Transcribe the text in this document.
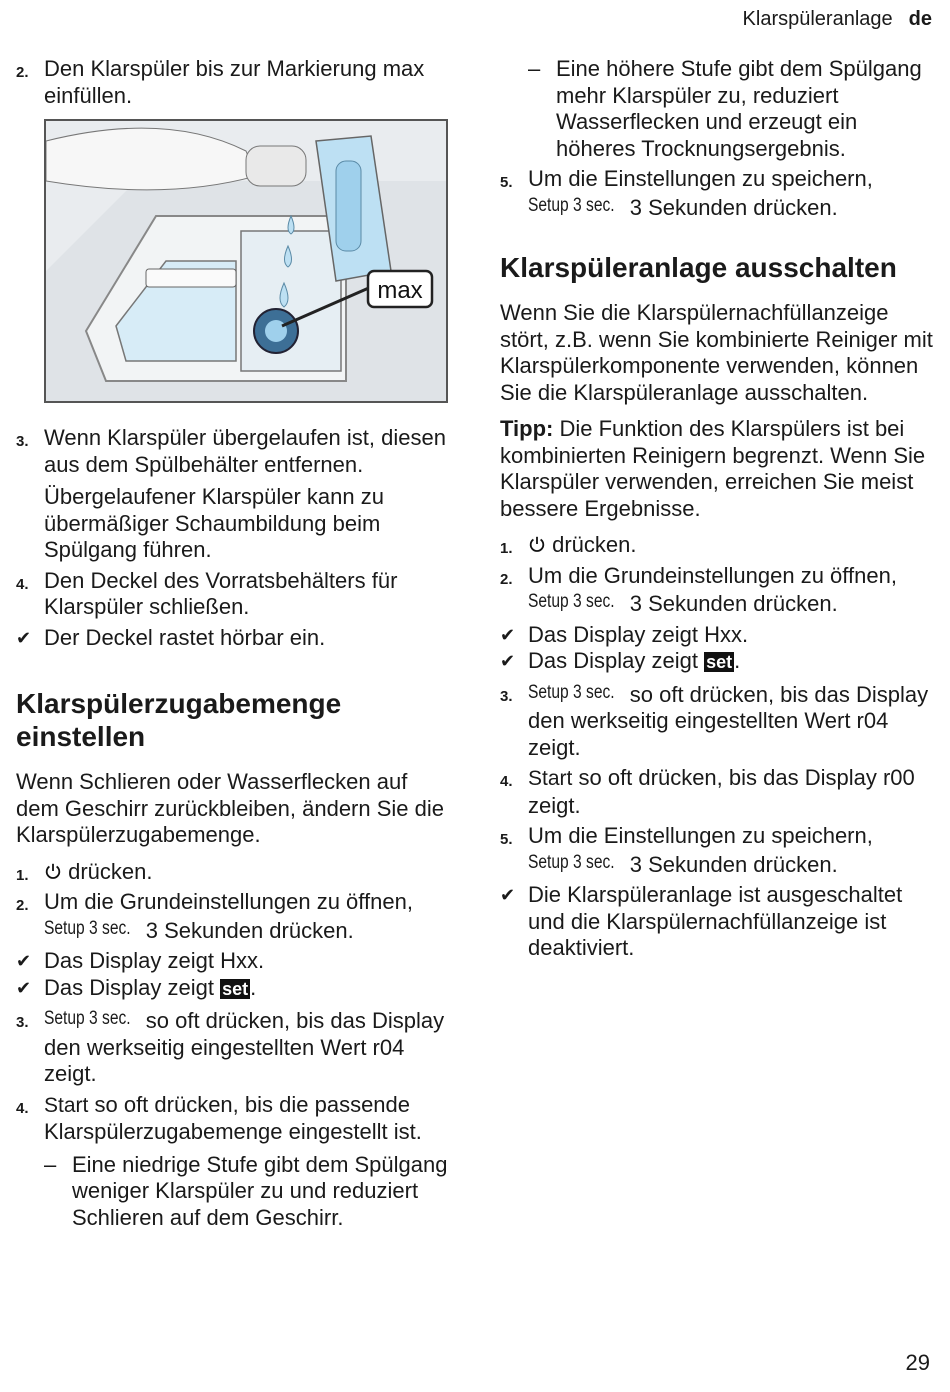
Klarspüleranlage de
2. Den Klarspüler bis zur Markierung max einfüllen.
max
3. Wenn Klarspüler übergelaufen ist, diesen aus dem Spülbehälter entfernen.

Übergelaufener Klarspüler kann zu übermäßiger Schaumbildung beim Spülgang führen.

4. Den Deckel des Vorratsbehälters für Klarspüler schließen.
✔ Der Deckel rastet hörbar ein.
Klarspülerzugabemenge einstellen

Wenn Schlieren oder Wasserflecken auf dem Geschirr zurückbleiben, ändern Sie die Klarspülerzugabemenge.

1. drücken.
2. Um die Grundeinstellungen zu öffnen, Setup 3 sec. 3 Sekunden drücken.
✔ Das Display zeigt Hxx.
✔ Das Display zeigt set.
3. Setup 3 sec. so oft drücken, bis das Display den werkseitig eingestellten Wert r04 zeigt.
4. Start so oft drücken, bis die passende Klarspülerzugabemenge eingestellt ist.
– Eine niedrige Stufe gibt dem Spülgang weniger Klarspüler zu und reduziert Schlieren auf dem Geschirr.
– Eine höhere Stufe gibt dem Spülgang mehr Klarspüler zu, reduziert Wasserflecken und erzeugt ein höheres Trocknungsergebnis.
5. Um die Einstellungen zu speichern, Setup 3 sec. 3 Sekunden drücken.
Klarspüleranlage ausschalten

Wenn Sie die Klarspülernachfüllanzeige stört, z.B. wenn Sie kombinierte Reiniger mit Klarspülerkomponente verwenden, können Sie die Klarspüleranlage ausschalten.

Tipp: Die Funktion des Klarspülers ist bei kombinierten Reinigern begrenzt. Wenn Sie Klarspüler verwenden, erreichen Sie meist bessere Ergebnisse.

1. drücken.
2. Um die Grundeinstellungen zu öffnen, Setup 3 sec. 3 Sekunden drücken.
✔ Das Display zeigt Hxx.
✔ Das Display zeigt set.
3. Setup 3 sec. so oft drücken, bis das Display den werkseitig eingestellten Wert r04 zeigt.
4. Start so oft drücken, bis das Display r00 zeigt.
5. Um die Einstellungen zu speichern, Setup 3 sec. 3 Sekunden drücken.
✔ Die Klarspüleranlage ist ausgeschaltet und die Klarspülernachfüllanzeige ist deaktiviert.
29
